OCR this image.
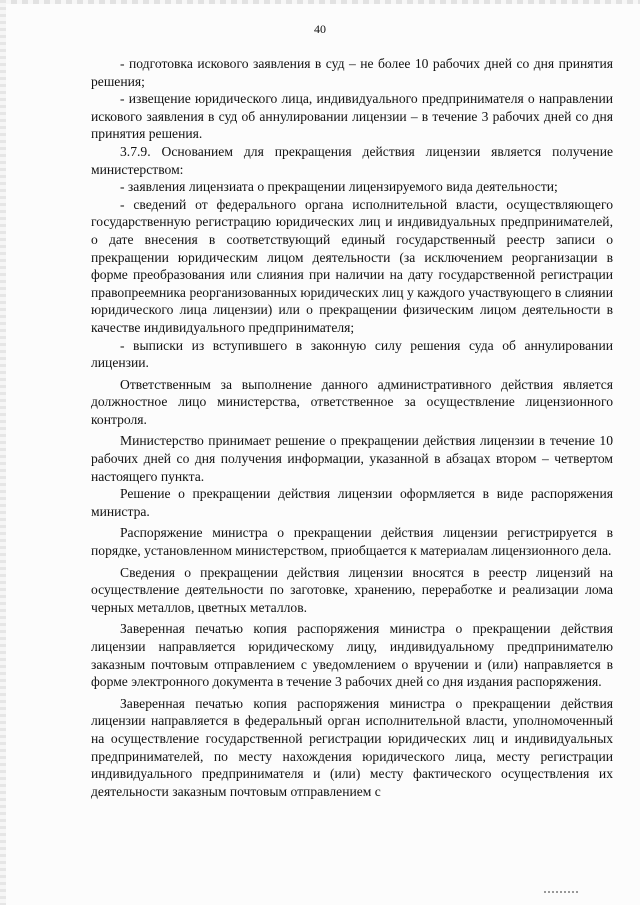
40

- подготовка искового заявления в суд – не более 10 рабочих дней со дня принятия решения;

- извещение юридического лица, индивидуального предпринимателя о направлении искового заявления в суд об аннулировании лицензии – в течение 3 рабочих дней со дня принятия решения.

3.7.9. Основанием для прекращения действия лицензии является получение министерством:

- заявления лицензиата о прекращении лицензируемого вида деятельности;

- сведений от федерального органа исполнительной власти, осуществляющего государственную регистрацию юридических лиц и индивидуальных предпринимателей, о дате внесения в соответствующий единый государственный реестр записи о прекращении юридическим лицом деятельности (за исключением реорганизации в форме преобразования или слияния при наличии на дату государственной регистрации правопреемника реорганизованных юридических лиц у каждого участвующего в слиянии юридического лица лицензии) или о прекращении физическим лицом деятельности в качестве индивидуального предпринимателя;

- выписки из вступившего в законную силу решения суда об аннулировании лицензии.

Ответственным за выполнение данного административного действия является должностное лицо министерства, ответственное за осуществление лицензионного контроля.

Министерство принимает решение о прекращении действия лицензии в течение 10 рабочих дней со дня получения информации, указанной в абзацах втором – четвертом настоящего пункта.

Решение о прекращении действия лицензии оформляется в виде распоряжения министра.

Распоряжение министра о прекращении действия лицензии регистрируется в порядке, установленном министерством, приобщается к материалам лицензионного дела.

Сведения о прекращении действия лицензии вносятся в реестр лицензий на осуществление деятельности по заготовке, хранению, переработке и реализации лома черных металлов, цветных металлов.

Заверенная печатью копия распоряжения министра о прекращении действия лицензии направляется юридическому лицу, индивидуальному предпринимателю заказным почтовым отправлением с уведомлением о вручении и (или) направляется в форме электронного документа в течение 3 рабочих дней со дня издания распоряжения.

Заверенная печатью копия распоряжения министра о прекращении действия лицензии направляется в федеральный орган исполнительной власти, уполномоченный на осуществление государственной регистрации юридических лиц и индивидуальных предпринимателей, по месту нахождения юридического лица, месту регистрации индивидуального предпринимателя и (или) месту фактического осуществления их деятельности заказным почтовым отправлением с
